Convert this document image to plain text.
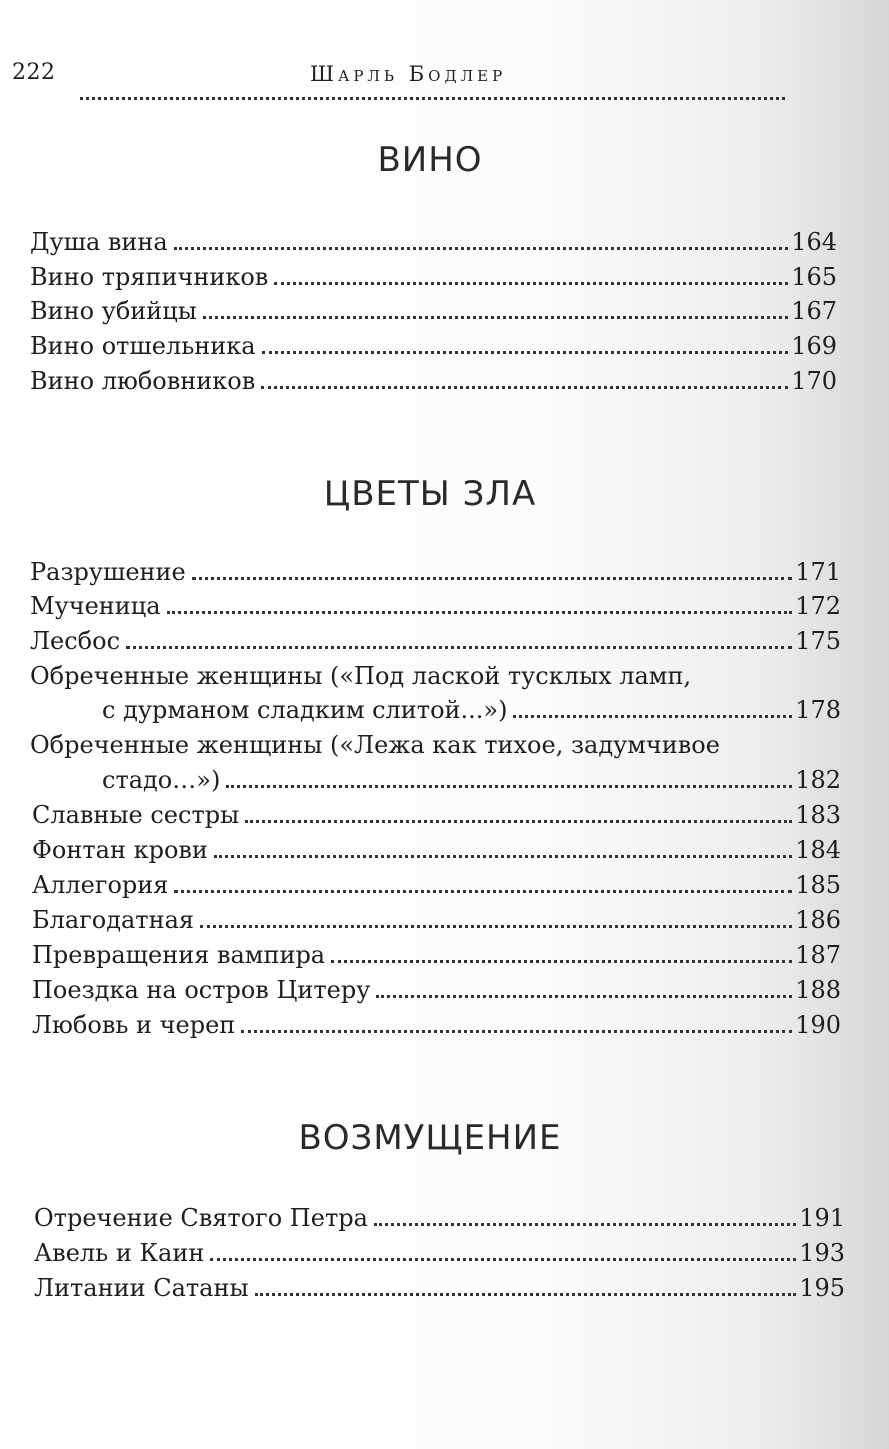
222	Шарль Бодлер
ВИНО
Душа вина	164
Вино тряпичников	165
Вино убийцы	167
Вино отшельника	169
Вино любовников	170
ЦВЕТЫ ЗЛА
Разрушение	171
Мученица	172
Лесбос	175
Обреченные женщины («Под лаской тусклых ламп,
с дурманом сладким слитой...»)	178
Обреченные женщины («Лежа как тихое, задумчивое
стадо…»)	182
Славные сестры	183
Фонтан крови	184
Аллегория	185
Благодатная	186
Превращения вампира	187
Поездка на остров Цитеру	188
Любовь и череп	190
ВОЗМУЩЕНИЕ
Отречение Святого Петра	191
Авель и Каин	193
Литании Сатаны	195
